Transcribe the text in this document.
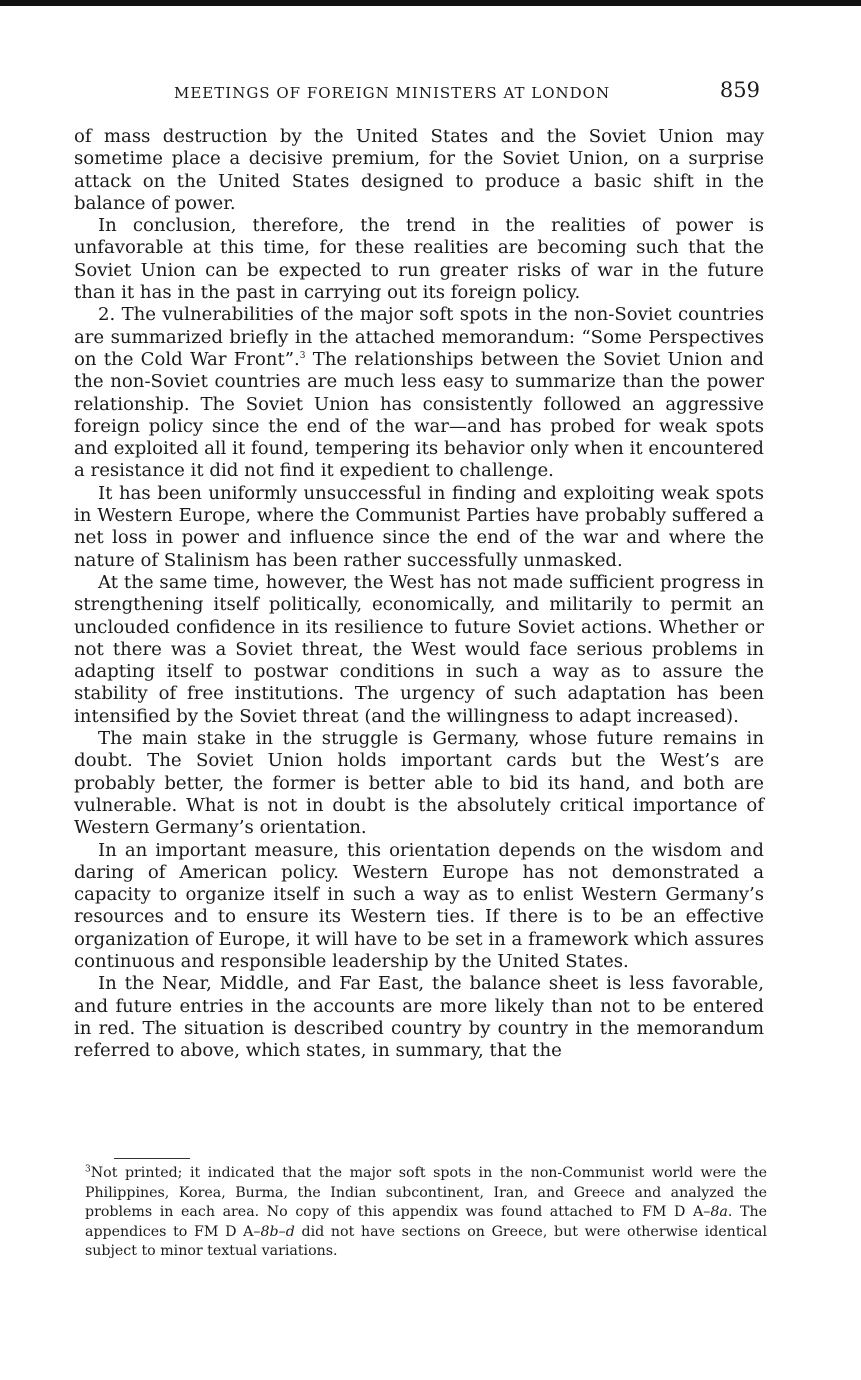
MEETINGS OF FOREIGN MINISTERS AT LONDON	859

of mass destruction by the United States and the Soviet Union may sometime place a decisive premium, for the Soviet Union, on a surprise attack on the United States designed to produce a basic shift in the balance of power.

In conclusion, therefore, the trend in the realities of power is unfavorable at this time, for these realities are becoming such that the Soviet Union can be expected to run greater risks of war in the future than it has in the past in carrying out its foreign policy.

2. The vulnerabilities of the major soft spots in the non-Soviet countries are summarized briefly in the attached memorandum: “Some Perspectives on the Cold War Front”.$^3$ The relationships between the Soviet Union and the non-Soviet countries are much less easy to summarize than the power relationship. The Soviet Union has consistently followed an aggressive foreign policy since the end of the war—and has probed for weak spots and exploited all it found, tempering its behavior only when it encountered a resistance it did not find it expedient to challenge.

It has been uniformly unsuccessful in finding and exploiting weak spots in Western Europe, where the Communist Parties have probably suffered a net loss in power and influence since the end of the war and where the nature of Stalinism has been rather successfully unmasked.

At the same time, however, the West has not made sufficient progress in strengthening itself politically, economically, and militarily to permit an unclouded confidence in its resilience to future Soviet actions. Whether or not there was a Soviet threat, the West would face serious problems in adapting itself to postwar conditions in such a way as to assure the stability of free institutions. The urgency of such adaptation has been intensified by the Soviet threat (and the willingness to adapt increased).

The main stake in the struggle is Germany, whose future remains in doubt. The Soviet Union holds important cards but the West’s are probably better, the former is better able to bid its hand, and both are vulnerable. What is not in doubt is the absolutely critical importance of Western Germany’s orientation.

In an important measure, this orientation depends on the wisdom and daring of American policy. Western Europe has not demonstrated a capacity to organize itself in such a way as to enlist Western Germany’s resources and to ensure its Western ties. If there is to be an effective organization of Europe, it will have to be set in a framework which assures continuous and responsible leadership by the United States.

In the Near, Middle, and Far East, the balance sheet is less favorable, and future entries in the accounts are more likely than not to be entered in red. The situation is described country by country in the memorandum referred to above, which states, in summary, that the

$^3$Not printed; it indicated that the major soft spots in the non-Communist world were the Philippines, Korea, Burma, the Indian subcontinent, Iran, and Greece and analyzed the problems in each area. No copy of this appendix was found attached to FM D A–8a. The appendices to FM D A–8b–d did not have sections on Greece, but were otherwise identical subject to minor textual variations.
